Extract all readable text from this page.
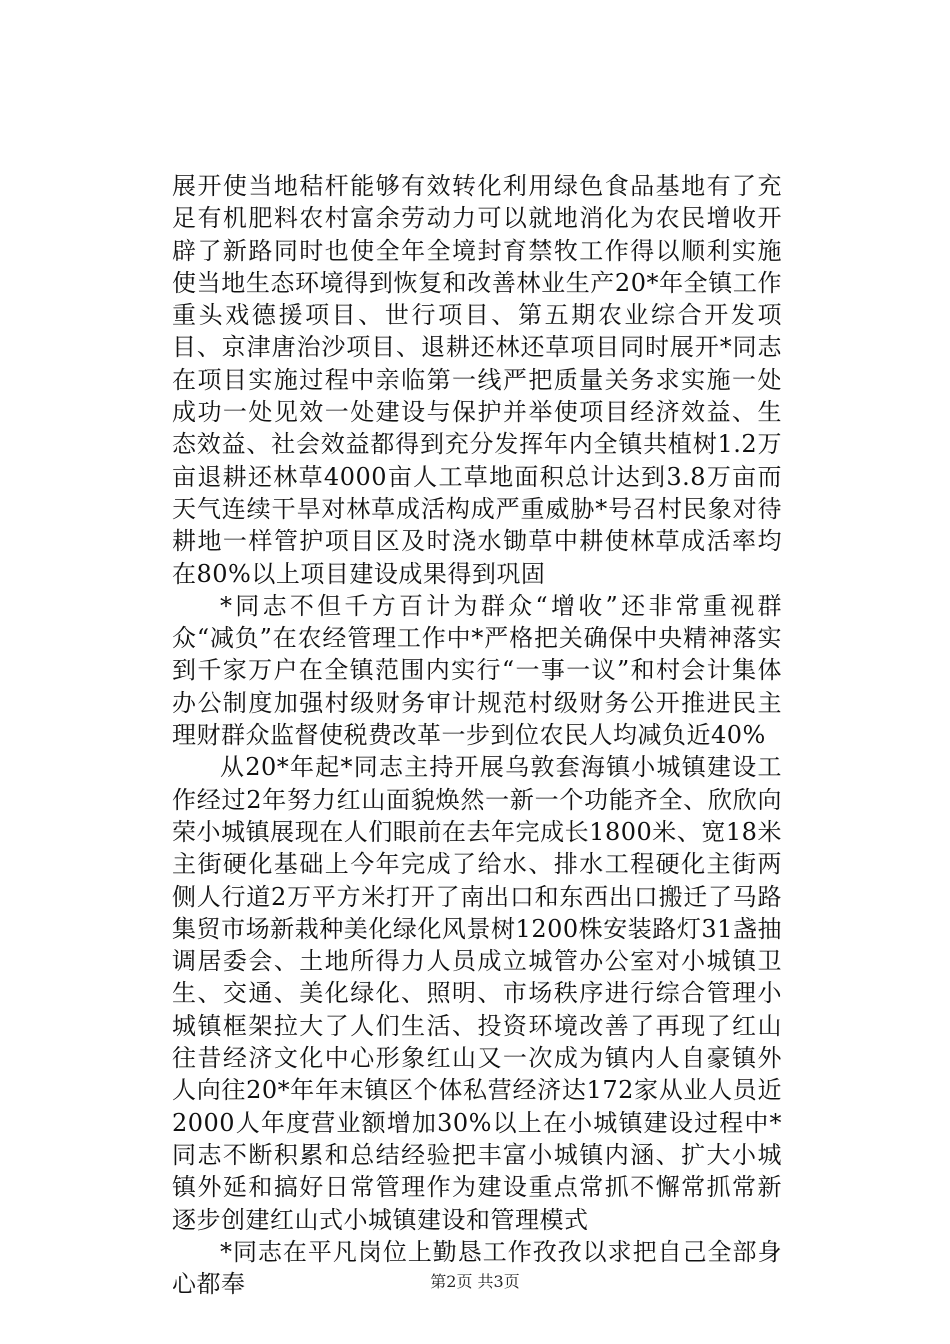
展开使当地秸杆能够有效转化利用绿色食品基地有了充足有机肥料农村富余劳动力可以就地消化为农民增收开辟了新路同时也使全年全境封育禁牧工作得以顺利实施使当地生态环境得到恢复和改善林业生产20*年全镇工作重头戏德援项目、世行项目、第五期农业综合开发项目、京津唐治沙项目、退耕还林还草项目同时展开*同志在项目实施过程中亲临第一线严把质量关务求实施一处成功一处见效一处建设与保护并举使项目经济效益、生态效益、社会效益都得到充分发挥年内全镇共植树1.2万亩退耕还林草4000亩人工草地面积总计达到3.8万亩而天气连续干旱对林草成活构成严重威胁*号召村民象对待耕地一样管护项目区及时浇水锄草中耕使林草成活率均在80%以上项目建设成果得到巩固

*同志不但千方百计为群众“增收”还非常重视群众“减负”在农经管理工作中*严格把关确保中央精神落实到千家万户在全镇范围内实行“一事一议”和村会计集体办公制度加强村级财务审计规范村级财务公开推进民主理财群众监督使税费改革一步到位农民人均减负近40%

从20*年起*同志主持开展乌敦套海镇小城镇建设工作经过2年努力红山面貌焕然一新一个功能齐全、欣欣向荣小城镇展现在人们眼前在去年完成长1800米、宽18米主街硬化基础上今年完成了给水、排水工程硬化主街两侧人行道2万平方米打开了南出口和东西出口搬迁了马路集贸市场新栽种美化绿化风景树1200株安装路灯31盏抽调居委会、土地所得力人员成立城管办公室对小城镇卫生、交通、美化绿化、照明、市场秩序进行综合管理小城镇框架拉大了人们生活、投资环境改善了再现了红山往昔经济文化中心形象红山又一次成为镇内人自豪镇外人向往20*年年末镇区个体私营经济达172家从业人员近2000人年度营业额增加30%以上在小城镇建设过程中*同志不断积累和总结经验把丰富小城镇内涵、扩大小城镇外延和搞好日常管理作为建设重点常抓不懈常抓常新逐步创建红山式小城镇建设和管理模式

*同志在平凡岗位上勤恳工作孜孜以求把自己全部身心都奉	第2页 共3页
